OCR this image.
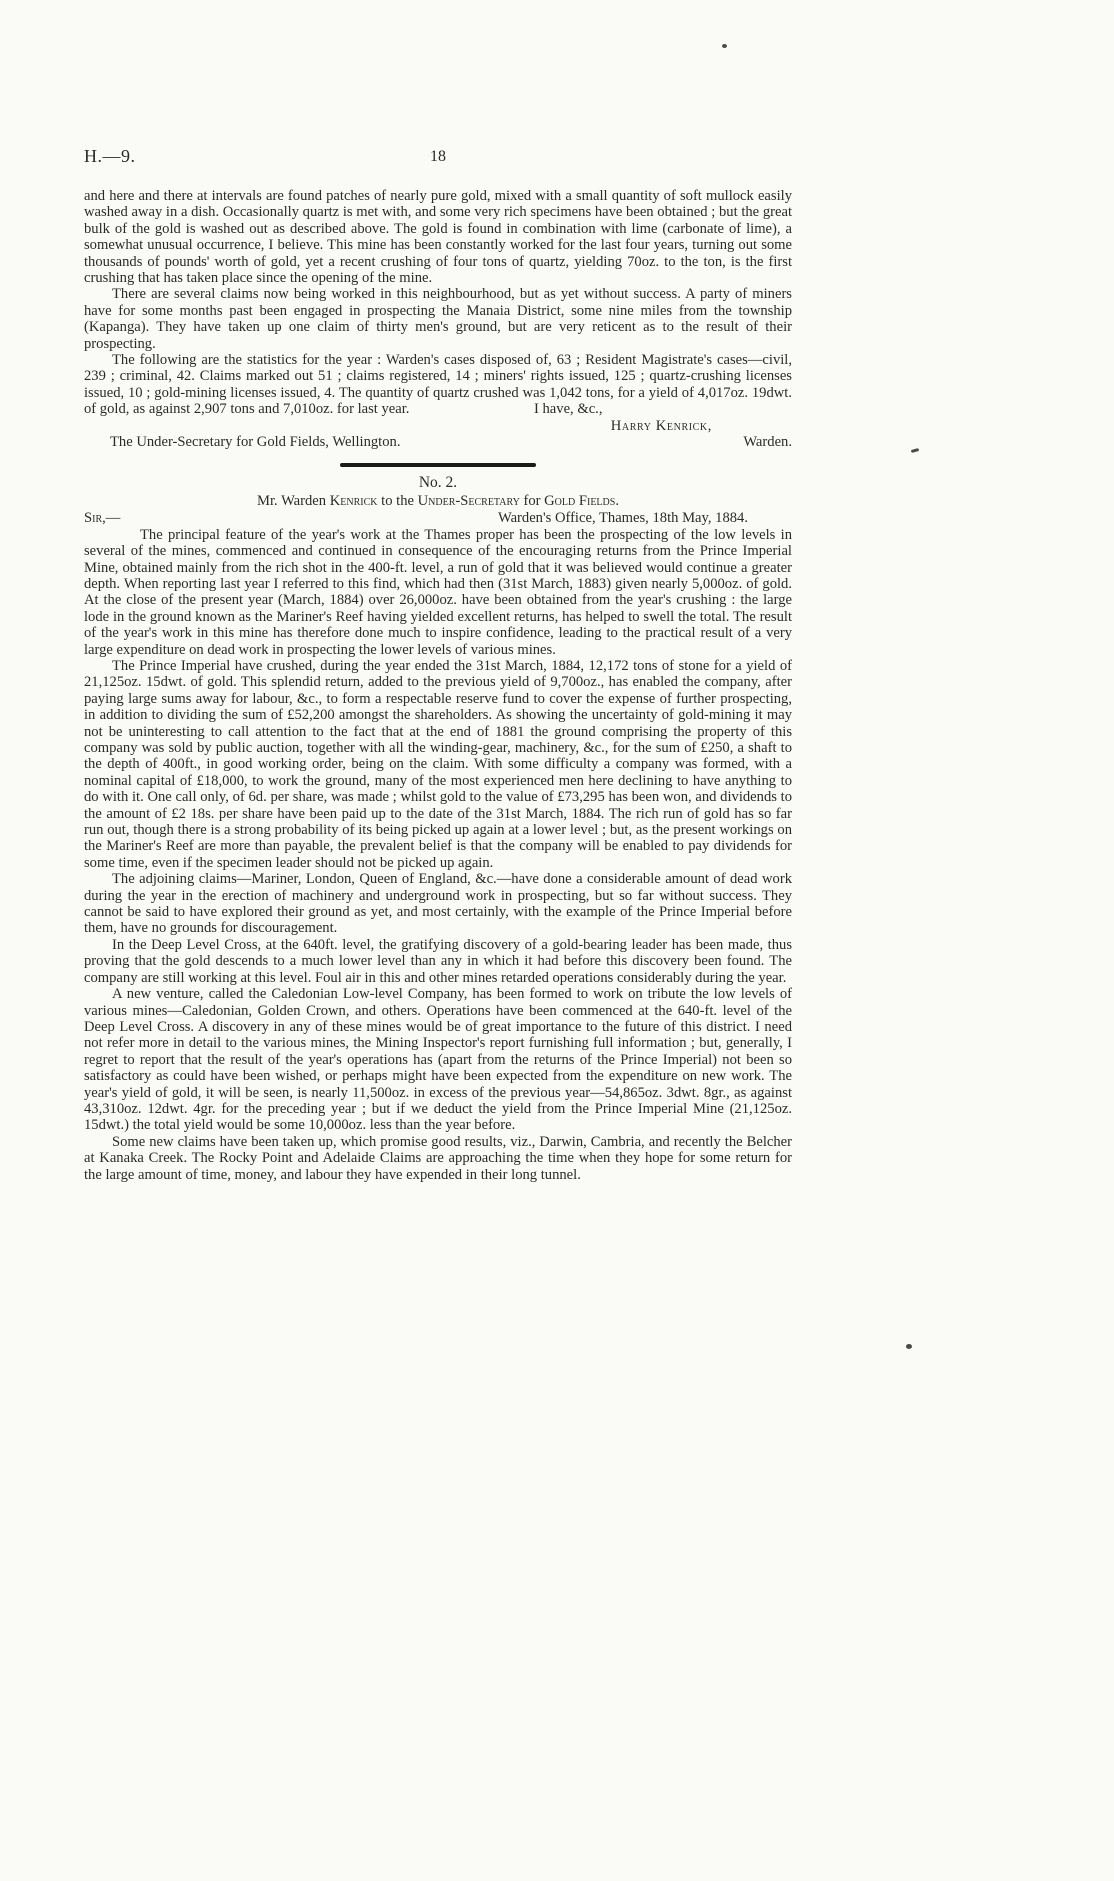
H.—9.	18

and here and there at intervals are found patches of nearly pure gold, mixed with a small quantity of soft mullock easily washed away in a dish. Occasionally quartz is met with, and some very rich specimens have been obtained ; but the great bulk of the gold is washed out as described above. The gold is found in combination with lime (carbonate of lime), a somewhat unusual occurrence, I believe. This mine has been constantly worked for the last four years, turning out some thousands of pounds' worth of gold, yet a recent crushing of four tons of quartz, yielding 70oz. to the ton, is the first crushing that has taken place since the opening of the mine.

There are several claims now being worked in this neighbourhood, but as yet without success. A party of miners have for some months past been engaged in prospecting the Manaia District, some nine miles from the township (Kapanga). They have taken up one claim of thirty men's ground, but are very reticent as to the result of their prospecting.

The following are the statistics for the year : Warden's cases disposed of, 63 ; Resident Magistrate's cases—civil, 239 ; criminal, 42. Claims marked out 51 ; claims registered, 14 ; miners' rights issued, 125 ; quartz-crushing licenses issued, 10 ; gold-mining licenses issued, 4. The quantity of quartz crushed was 1,042 tons, for a yield of 4,017oz. 19dwt. of gold, as against 2,907 tons and 7,010oz. for last year.	I have, &c.,
Harry Kenrick,
The Under-Secretary for Gold Fields, Wellington.	Warden.
No. 2.
Mr. Warden Kenrick to the Under-Secretary for Gold Fields.
Sir,—	Warden's Office, Thames, 18th May, 1884.

The principal feature of the year's work at the Thames proper has been the prospecting of the low levels in several of the mines, commenced and continued in consequence of the encouraging returns from the Prince Imperial Mine, obtained mainly from the rich shot in the 400-ft. level, a run of gold that it was believed would continue a greater depth. When reporting last year I referred to this find, which had then (31st March, 1883) given nearly 5,000oz. of gold. At the close of the present year (March, 1884) over 26,000oz. have been obtained from the year's crushing : the large lode in the ground known as the Mariner's Reef having yielded excellent returns, has helped to swell the total. The result of the year's work in this mine has therefore done much to inspire confidence, leading to the practical result of a very large expenditure on dead work in prospecting the lower levels of various mines.

The Prince Imperial have crushed, during the year ended the 31st March, 1884, 12,172 tons of stone for a yield of 21,125oz. 15dwt. of gold. This splendid return, added to the previous yield of 9,700oz., has enabled the company, after paying large sums away for labour, &c., to form a respectable reserve fund to cover the expense of further prospecting, in addition to dividing the sum of £52,200 amongst the shareholders. As showing the uncertainty of gold-mining it may not be uninteresting to call attention to the fact that at the end of 1881 the ground comprising the property of this company was sold by public auction, together with all the winding-gear, machinery, &c., for the sum of £250, a shaft to the depth of 400ft., in good working order, being on the claim. With some difficulty a company was formed, with a nominal capital of £18,000, to work the ground, many of the most experienced men here declining to have anything to do with it. One call only, of 6d. per share, was made ; whilst gold to the value of £73,295 has been won, and dividends to the amount of £2 18s. per share have been paid up to the date of the 31st March, 1884. The rich run of gold has so far run out, though there is a strong probability of its being picked up again at a lower level ; but, as the present workings on the Mariner's Reef are more than payable, the prevalent belief is that the company will be enabled to pay dividends for some time, even if the specimen leader should not be picked up again.

The adjoining claims—Mariner, London, Queen of England, &c.—have done a considerable amount of dead work during the year in the erection of machinery and underground work in prospecting, but so far without success. They cannot be said to have explored their ground as yet, and most certainly, with the example of the Prince Imperial before them, have no grounds for discouragement.

In the Deep Level Cross, at the 640ft. level, the gratifying discovery of a gold-bearing leader has been made, thus proving that the gold descends to a much lower level than any in which it had before this discovery been found. The company are still working at this level. Foul air in this and other mines retarded operations considerably during the year.

A new venture, called the Caledonian Low-level Company, has been formed to work on tribute the low levels of various mines—Caledonian, Golden Crown, and others. Operations have been commenced at the 640-ft. level of the Deep Level Cross. A discovery in any of these mines would be of great importance to the future of this district. I need not refer more in detail to the various mines, the Mining Inspector's report furnishing full information ; but, generally, I regret to report that the result of the year's operations has (apart from the returns of the Prince Imperial) not been so satisfactory as could have been wished, or perhaps might have been expected from the expenditure on new work. The year's yield of gold, it will be seen, is nearly 11,500oz. in excess of the previous year—54,865oz. 3dwt. 8gr., as against 43,310oz. 12dwt. 4gr. for the preceding year ; but if we deduct the yield from the Prince Imperial Mine (21,125oz. 15dwt.) the total yield would be some 10,000oz. less than the year before.

Some new claims have been taken up, which promise good results, viz., Darwin, Cambria, and recently the Belcher at Kanaka Creek. The Rocky Point and Adelaide Claims are approaching the time when they hope for some return for the large amount of time, money, and labour they have expended in their long tunnel.
